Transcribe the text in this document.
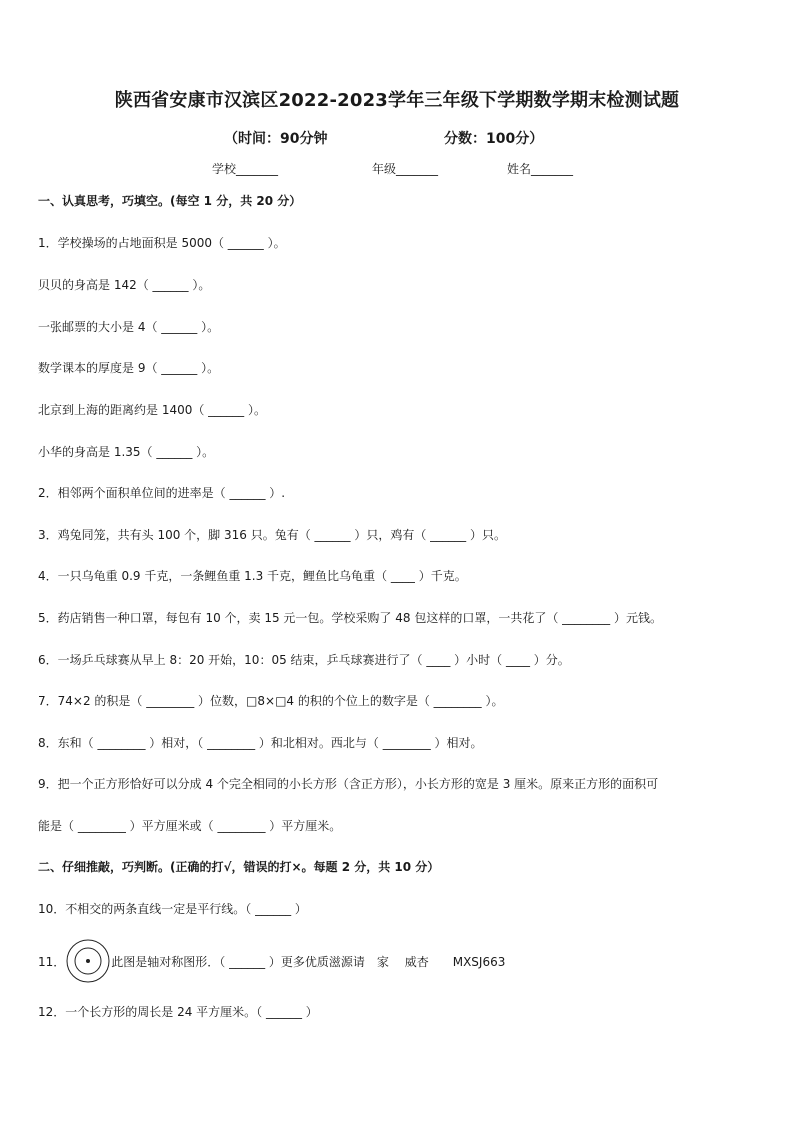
陕西省安康市汉滨区2022-2023学年三年级下学期数学期末检测试题
（时间：90分钟	分数：100分）
学校_______	年级_______	姓名_______
一、认真思考，巧填空。(每空 1 分，共 20 分）
1．学校操场的占地面积是 5000（ ______ ）。
贝贝的身高是 142（ ______ ）。
一张邮票的大小是 4（ ______ ）。
数学课本的厚度是 9（ ______ ）。
北京到上海的距离约是 1400（ ______ ）。
小华的身高是 1.35（ ______ ）。
2．相邻两个面积单位间的进率是（ ______ ）.
3．鸡兔同笼，共有头 100 个，脚 316 只。兔有（ ______ ）只，鸡有（ ______ ）只。
4．一只乌龟重 0.9 千克，一条鲤鱼重 1.3 千克，鲤鱼比乌龟重（ ____ ）千克。
5．药店销售一种口罩，每包有 10 个，卖 15 元一包。学校采购了 48 包这样的口罩，一共花了（ ________ ）元钱。
6．一场乒乓球赛从早上 8：20 开始，10：05 结束，乒乓球赛进行了（ ____ ）小时（ ____ ）分。
7．74×2 的积是（ ________ ）位数，□8×□4 的积的个位上的数字是（ ________ ）。
8．东和（ ________ ）相对，（ ________ ）和北相对。西北与（ ________ ）相对。
9．把一个正方形恰好可以分成 4 个完全相同的小长方形（含正方形），小长方形的宽是 3 厘米。原来正方形的面积可
能是（ ________ ）平方厘米或（ ________ ）平方厘米。
二、仔细推敲，巧判断。(正确的打√，错误的打×。每题 2 分，共 10 分）
10．不相交的两条直线一定是平行线。（ ______ ）
11．	此图是轴对称图形．（ ______ ）更多优质滋源请　家　 威杏　　MXSJ663
12．一个长方形的周长是 24 平方厘米。（ ______ ）
